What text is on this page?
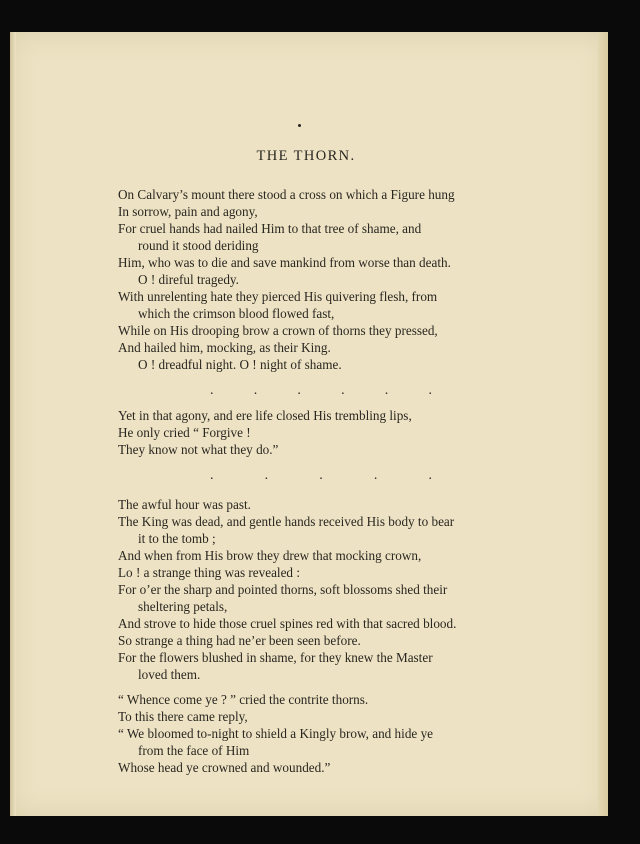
THE THORN.
On Calvary’s mount there stood a cross on which a Figure hung
In sorrow, pain and agony,
For cruel hands had nailed Him to that tree of shame, and
round it stood deriding
Him, who was to die and save mankind from worse than death.
O ! direful tragedy.
With unrelenting hate they pierced His quivering flesh, from
which the crimson blood flowed fast,
While on His drooping brow a crown of thorns they pressed,
And hailed him, mocking, as their King.
O ! dreadful night. O ! night of shame.
.	.	.	.	.	.
Yet in that agony, and ere life closed His trembling lips,
He only cried “ Forgive !
They know not what they do.”
.	.	.	.	.
The awful hour was past.
The King was dead, and gentle hands received His body to bear
it to the tomb ;
And when from His brow they drew that mocking crown,
Lo ! a strange thing was revealed :
For o’er the sharp and pointed thorns, soft blossoms shed their
sheltering petals,
And strove to hide those cruel spines red with that sacred blood.
So strange a thing had ne’er been seen before.
For the flowers blushed in shame, for they knew the Master
loved them.
“ Whence come ye ? ” cried the contrite thorns.
To this there came reply,
“ We bloomed to-night to shield a Kingly brow, and hide ye
from the face of Him
Whose head ye crowned and wounded.”
